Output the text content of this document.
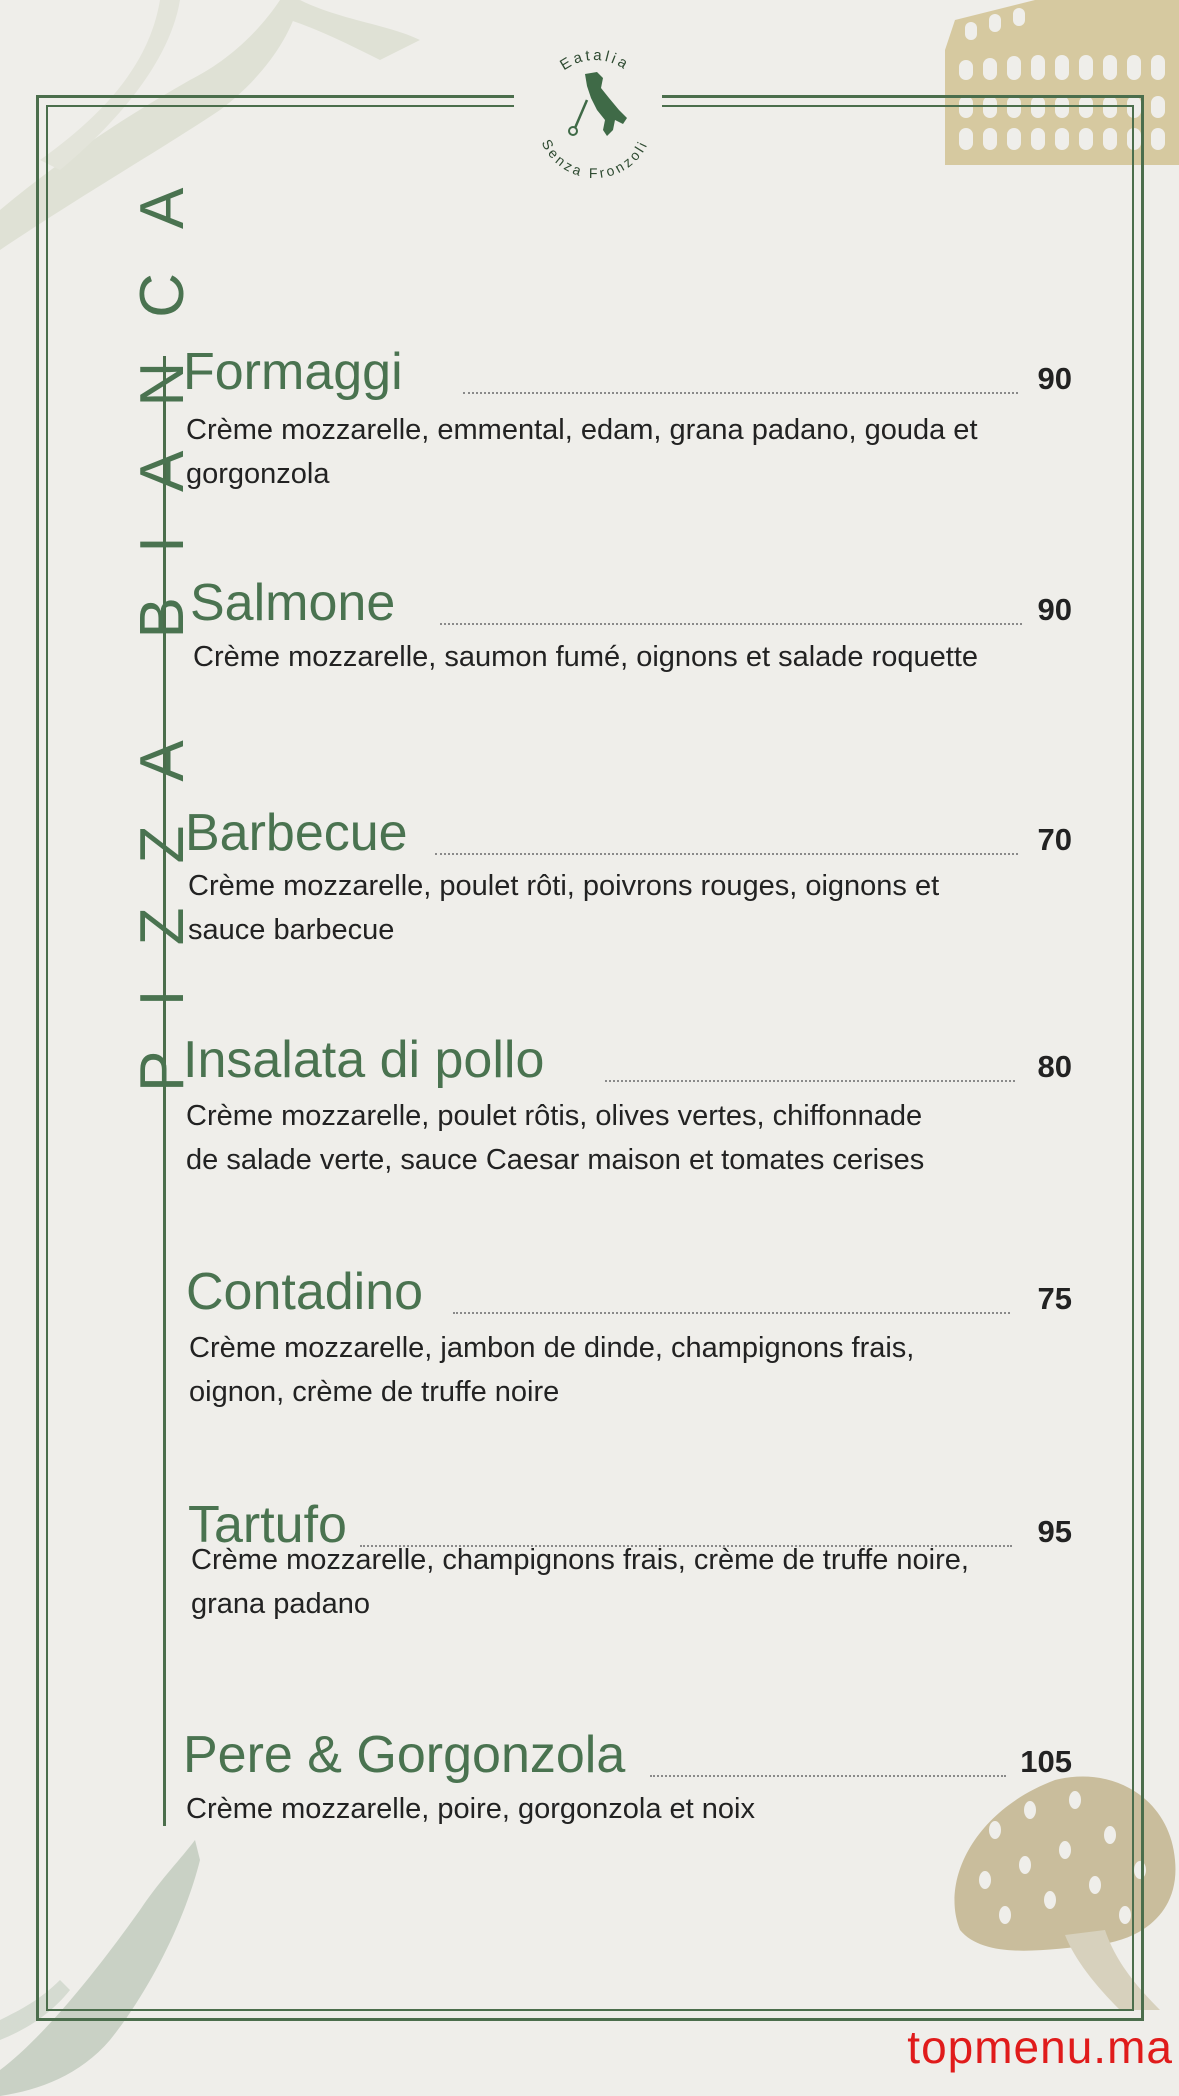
Eatalia
Senza Fronzoli
PIZZA BIANCA
Formaggi	90
Crème mozzarelle, emmental, edam, grana padano, gouda et
gorgonzola
Salmone	90
Crème mozzarelle, saumon fumé, oignons et salade roquette
Barbecue	70
Crème mozzarelle, poulet rôti, poivrons rouges, oignons et
sauce barbecue
Insalata di pollo	80
Crème mozzarelle, poulet rôtis, olives vertes, chiffonnade
de salade verte, sauce Caesar maison et tomates cerises
Contadino	75
Crème mozzarelle, jambon de dinde, champignons frais,
oignon, crème de truffe noire
Tartufo	95
Crème mozzarelle, champignons frais, crème de truffe noire,
grana padano
Pere & Gorgonzola	105
Crème mozzarelle, poire, gorgonzola et noix
topmenu.ma
